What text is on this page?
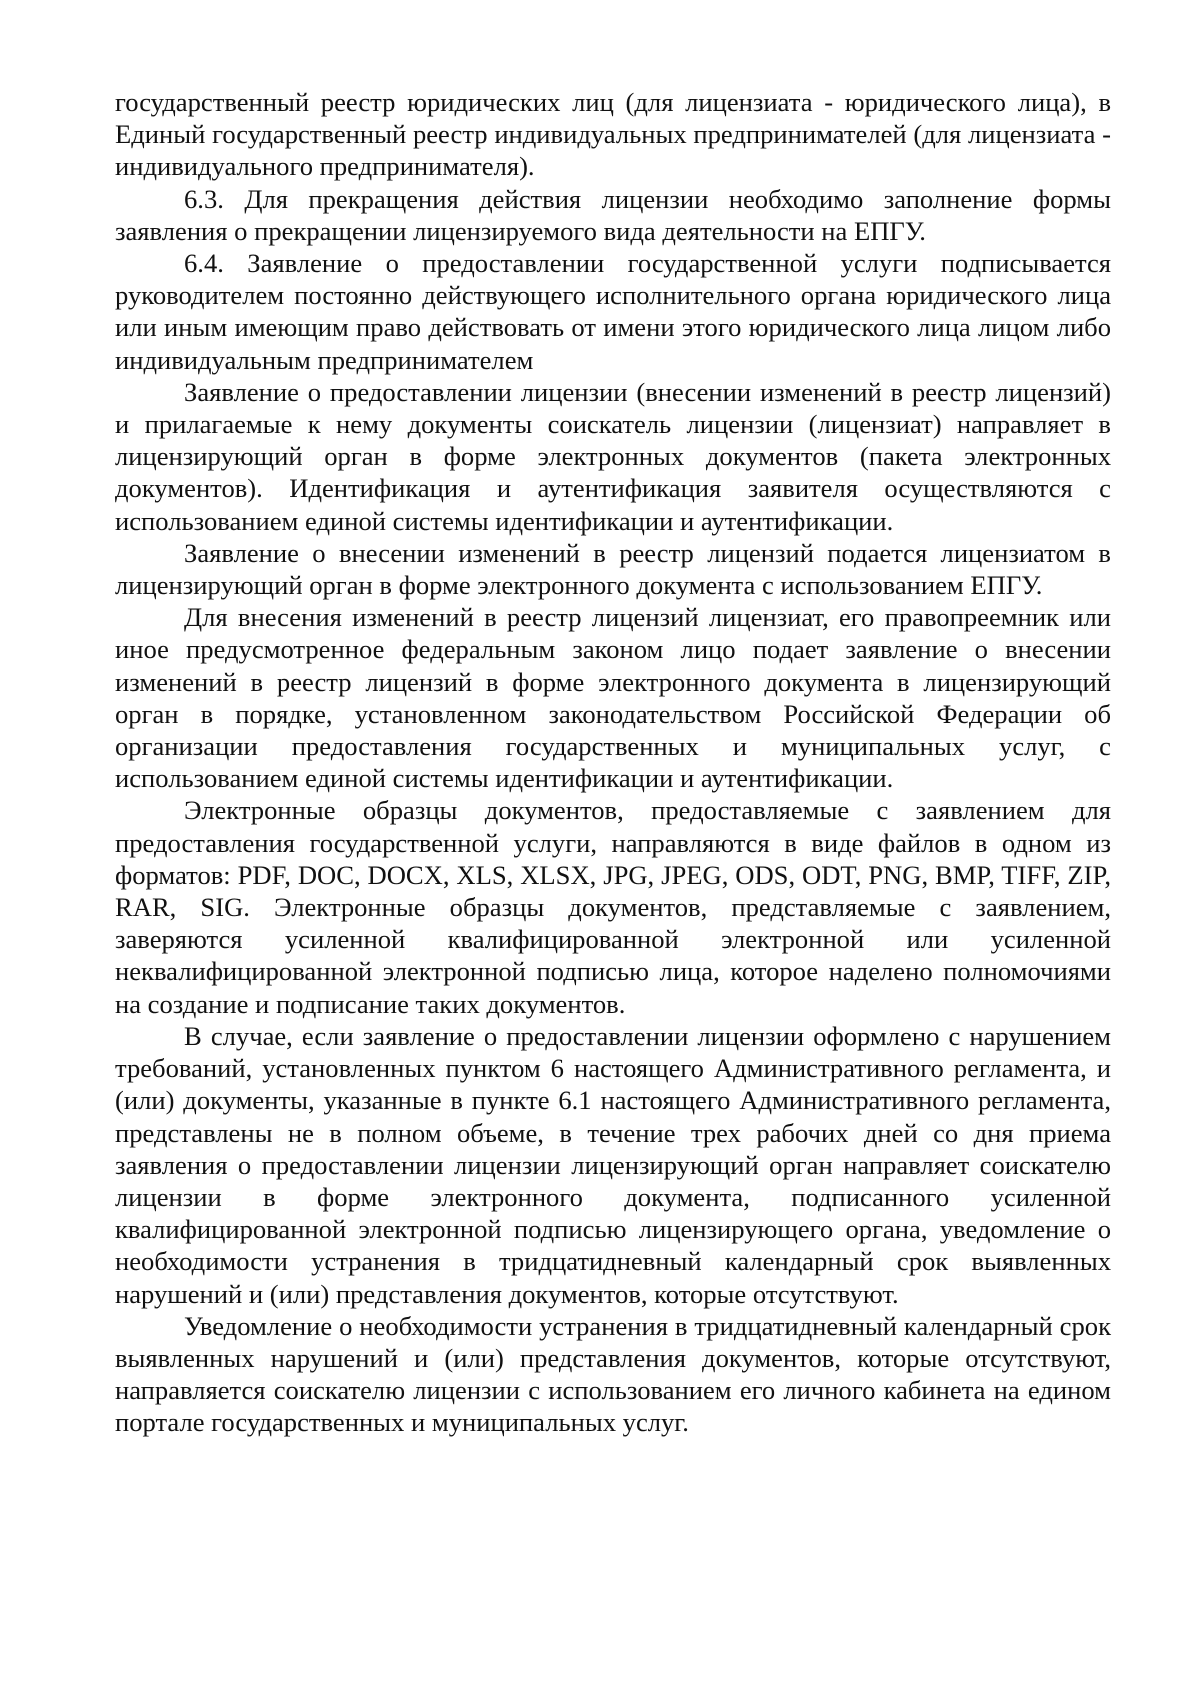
государственный реестр юридических лиц (для лицензиата - юридического лица), в Единый государственный реестр индивидуальных предпринимателей (для лицензиата - индивидуального предпринимателя).

6.3. Для прекращения действия лицензии необходимо заполнение формы заявления о прекращении лицензируемого вида деятельности на ЕПГУ.

6.4. Заявление о предоставлении государственной услуги подписывается руководителем постоянно действующего исполнительного органа юридического лица или иным имеющим право действовать от имени этого юридического лица лицом либо индивидуальным предпринимателем

Заявление о предоставлении лицензии (внесении изменений в реестр лицензий) и прилагаемые к нему документы соискатель лицензии (лицензиат) направляет в лицензирующий орган в форме электронных документов (пакета электронных документов). Идентификация и аутентификация заявителя осуществляются с использованием единой системы идентификации и аутентификации.

Заявление о внесении изменений в реестр лицензий подается лицензиатом в лицензирующий орган в форме электронного документа с использованием ЕПГУ.

Для внесения изменений в реестр лицензий лицензиат, его правопреемник или иное предусмотренное федеральным законом лицо подает заявление о внесении изменений в реестр лицензий в форме электронного документа в лицензирующий орган в порядке, установленном законодательством Российской Федерации об организации предоставления государственных и муниципальных услуг, с использованием единой системы идентификации и аутентификации.

Электронные образцы документов, предоставляемые с заявлением для предоставления государственной услуги, направляются в виде файлов в одном из форматов: PDF, DOC, DOCX, XLS, XLSX, JPG, JPEG, ODS, ODT, PNG, BMP, TIFF, ZIP, RAR, SIG. Электронные образцы документов, представляемые с заявлением, заверяются усиленной квалифицированной электронной или усиленной неквалифицированной электронной подписью лица, которое наделено полномочиями на создание и подписание таких документов.

В случае, если заявление о предоставлении лицензии оформлено с нарушением требований, установленных пунктом 6 настоящего Административного регламента, и (или) документы, указанные в пункте 6.1 настоящего Административного регламента, представлены не в полном объеме, в течение трех рабочих дней со дня приема заявления о предоставлении лицензии лицензирующий орган направляет соискателю лицензии в форме электронного документа, подписанного усиленной квалифицированной электронной подписью лицензирующего органа, уведомление о необходимости устранения в тридцатидневный календарный срок выявленных нарушений и (или) представления документов, которые отсутствуют.

Уведомление о необходимости устранения в тридцатидневный календарный срок выявленных нарушений и (или) представления документов, которые отсутствуют, направляется соискателю лицензии с использованием его личного кабинета на едином портале государственных и муниципальных услуг.
